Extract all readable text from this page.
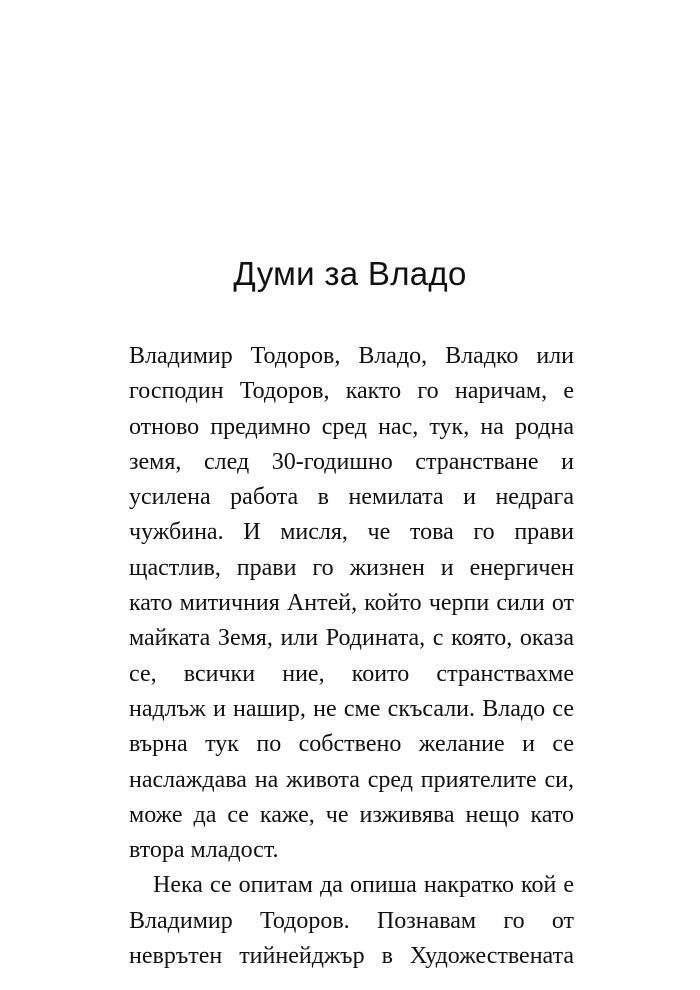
Думи за Владо
Владимир Тодоров, Владо, Владко или
господин Тодоров, както го наричам, е
отново предимно сред нас, тук, на родна
земя, след 30-годишно странстване и
усилена работа в немилата и недрага
чужбина. И мисля, че това го прави
щастлив, прави го жизнен и енергичен
като митичния Антей, който черпи сили от
майката Земя, или Родината, с която, оказа
се, всички ние, които странствахме
надлъж и нашир, не сме скъсали. Владо се
върна тук по собствено желание и се
наслаждава на живота сред приятелите си,
може да се каже, че изживява нещо като
втора младост.
Нека се опитам да опиша накратко кой е
Владимир Тодоров. Познавам го от
неврътен тийнейджър в Художествената
